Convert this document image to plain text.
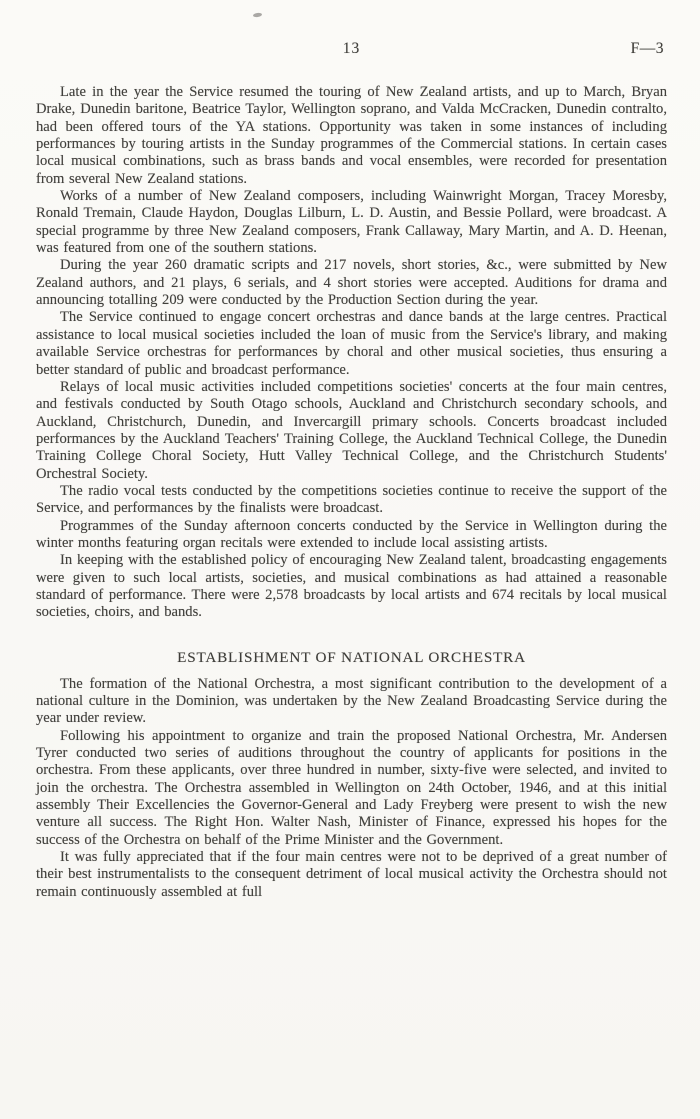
13	F—3

Late in the year the Service resumed the touring of New Zealand artists, and up to March, Bryan Drake, Dunedin baritone, Beatrice Taylor, Wellington soprano, and Valda McCracken, Dunedin contralto, had been offered tours of the YA stations. Opportunity was taken in some instances of including performances by touring artists in the Sunday programmes of the Commercial stations. In certain cases local musical combinations, such as brass bands and vocal ensembles, were recorded for presentation from several New Zealand stations.

Works of a number of New Zealand composers, including Wainwright Morgan, Tracey Moresby, Ronald Tremain, Claude Haydon, Douglas Lilburn, L. D. Austin, and Bessie Pollard, were broadcast. A special programme by three New Zealand composers, Frank Callaway, Mary Martin, and A. D. Heenan, was featured from one of the southern stations.

During the year 260 dramatic scripts and 217 novels, short stories, &c., were submitted by New Zealand authors, and 21 plays, 6 serials, and 4 short stories were accepted. Auditions for drama and announcing totalling 209 were conducted by the Production Section during the year.

The Service continued to engage concert orchestras and dance bands at the large centres. Practical assistance to local musical societies included the loan of music from the Service's library, and making available Service orchestras for performances by choral and other musical societies, thus ensuring a better standard of public and broadcast performance.

Relays of local music activities included competitions societies' concerts at the four main centres, and festivals conducted by South Otago schools, Auckland and Christchurch secondary schools, and Auckland, Christchurch, Dunedin, and Invercargill primary schools. Concerts broadcast included performances by the Auckland Teachers' Training College, the Auckland Technical College, the Dunedin Training College Choral Society, Hutt Valley Technical College, and the Christchurch Students' Orchestral Society.

The radio vocal tests conducted by the competitions societies continue to receive the support of the Service, and performances by the finalists were broadcast.

Programmes of the Sunday afternoon concerts conducted by the Service in Wellington during the winter months featuring organ recitals were extended to include local assisting artists.

In keeping with the established policy of encouraging New Zealand talent, broadcasting engagements were given to such local artists, societies, and musical combinations as had attained a reasonable standard of performance. There were 2,578 broadcasts by local artists and 674 recitals by local musical societies, choirs, and bands.

ESTABLISHMENT OF NATIONAL ORCHESTRA

The formation of the National Orchestra, a most significant contribution to the development of a national culture in the Dominion, was undertaken by the New Zealand Broadcasting Service during the year under review.

Following his appointment to organize and train the proposed National Orchestra, Mr. Andersen Tyrer conducted two series of auditions throughout the country of applicants for positions in the orchestra. From these applicants, over three hundred in number, sixty-five were selected, and invited to join the orchestra. The Orchestra assembled in Wellington on 24th October, 1946, and at this initial assembly Their Excellencies the Governor-General and Lady Freyberg were present to wish the new venture all success. The Right Hon. Walter Nash, Minister of Finance, expressed his hopes for the success of the Orchestra on behalf of the Prime Minister and the Government.

It was fully appreciated that if the four main centres were not to be deprived of a great number of their best instrumentalists to the consequent detriment of local musical activity the Orchestra should not remain continuously assembled at full
